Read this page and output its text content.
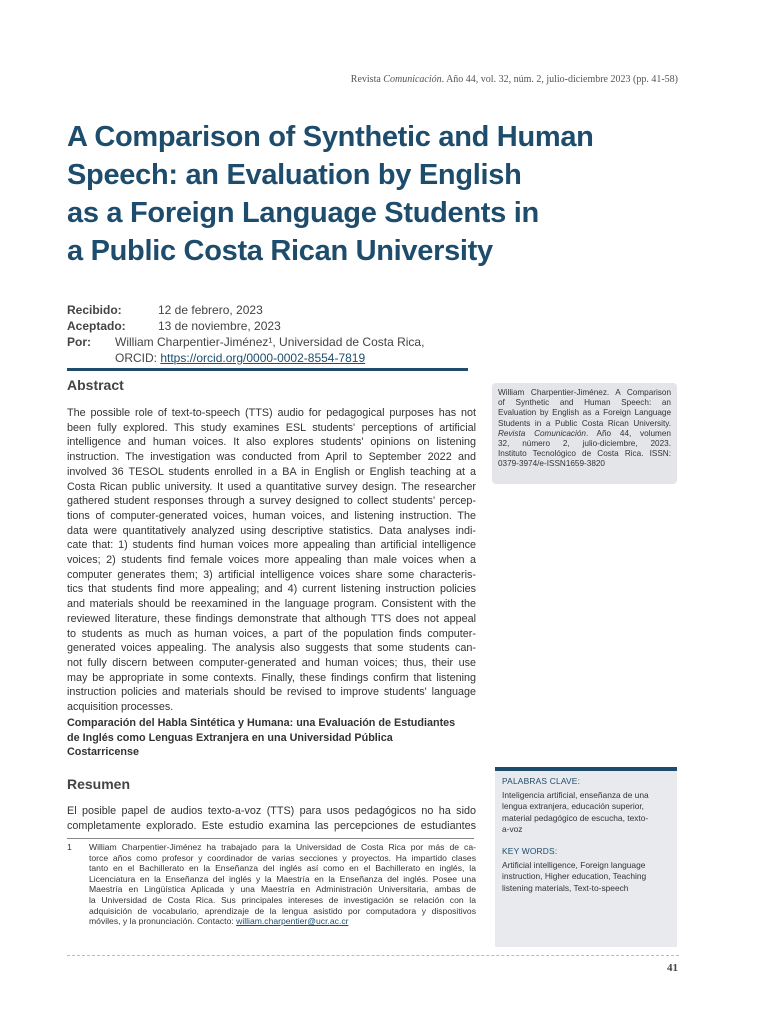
Revista Comunicación. Año 44, vol. 32, núm. 2, julio-diciembre 2023 (pp. 41-58)
A Comparison of Synthetic and Human
Speech: an Evaluation by English
as a Foreign Language Students in
a Public Costa Rican University
Recibido:	12 de febrero, 2023
Aceptado:	13 de noviembre, 2023
Por:	William Charpentier-Jiménez¹, Universidad de Costa Rica,
ORCID:
https://orcid.org/0000-0002-8554-7819
Abstract
The possible role of text-to-speech (TTS) audio for pedagogical purposes has not
been fully explored. This study examines ESL students' perceptions of artificial
intelligence and human voices. It also explores students' opinions on listening
instruction. The investigation was conducted from April to September 2022 and
involved 36 TESOL students enrolled in a BA in English or English teaching at a
Costa Rican public university. It used a quantitative survey design. The researcher
gathered student responses through a survey designed to collect students' percep-
tions of computer-generated voices, human voices, and listening instruction. The
data were quantitatively analyzed using descriptive statistics. Data analyses indi-
cate that: 1) students find human voices more appealing than artificial intelligence
voices; 2) students find female voices more appealing than male voices when a
computer generates them; 3) artificial intelligence voices share some characteris-
tics that students find more appealing; and 4) current listening instruction policies
and materials should be reexamined in the language program. Consistent with the
reviewed literature, these findings demonstrate that although TTS does not appeal
to students as much as human voices, a part of the population finds computer-
generated voices appealing. The analysis also suggests that some students can-
not fully discern between computer-generated and human voices; thus, their use
may be appropriate in some contexts. Finally, these findings confirm that listening
instruction policies and materials should be revised to improve students' language
acquisition processes.
Comparación del Habla Sintética y Humana: una Evaluación de Estudiantes
de Inglés como Lenguas Extranjera en una Universidad Pública
Costarricense
Resumen
El posible papel de audios texto-a-voz (TTS) para usos pedagógicos no ha sido
completamente explorado. Este estudio examina las percepciones de estudiantes
1 William Charpentier-Jiménez ha trabajado para la Universidad de Costa Rica por más de ca-
torce años como profesor y coordinador de varias secciones y proyectos. Ha impartido clases
tanto en el Bachillerato en la Enseñanza del inglés así como en el Bachillerato en inglés, la
Licenciatura en la Enseñanza del inglés y la Maestría en la Enseñanza del inglés. Posee una
Maestría en Lingüística Aplicada y una Maestría en Administración Universitaria, ambas de
la Universidad de Costa Rica. Sus principales intereses de investigación se relación con la
adquisición de vocabulario, aprendizaje de la lengua asistido por computadora y dispositivos
móviles, y la pronunciación. Contacto: william.charpentier@ucr.ac.cr
William Charpentier-Jiménez. A Comparison
of Synthetic and Human Speech: an
Evaluation by English as a Foreign Language
Students in a Public Costa Rican University.
Revista Comunicación. Año 44, volumen
32, número 2, julio-diciembre, 2023.
Instituto Tecnológico de Costa Rica. ISSN:
0379-3974/e-ISSN1659-3820
PALABRAS CLAVE:
Inteligencia artificial, enseñanza de una
lengua extranjera, educación superior,
material pedagógico de escucha, texto-
a-voz
KEY WORDS:
Artificial intelligence, Foreign language
instruction, Higher education, Teaching
listening materials, Text-to-speech
41
